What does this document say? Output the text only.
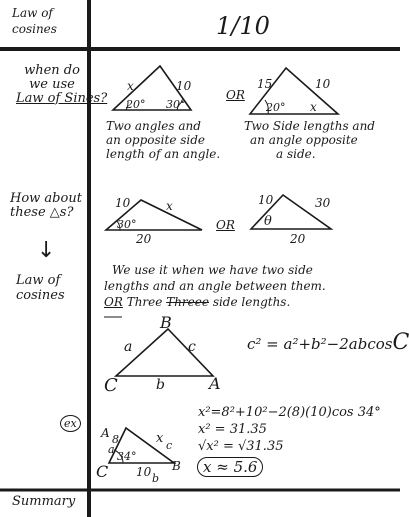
Law of
cosines	1/10
when do
we use
Law of Sines?
How about
these △s?
↓
Law of
cosines
Summary
x	10
20° 30°
Two angles and
an opposite side
length of an angle.
OR
15	10
20° x
Two Side lengths and
an angle opposite
a side.
10	x
30°
20
OR
10	30
θ
20
We use it when we have two side
lengths and an angle between them.
OR Three Threee side lengths.
B
C	A
a	c
b
c² = a²+b²−2abcosC
ex
A
C	B
8
a
34°
x c
10 b
x²=8²+10²−2(8)(10)cos 34°
x² = 31.35
√x² = √31.35
x ≈ 5.6
